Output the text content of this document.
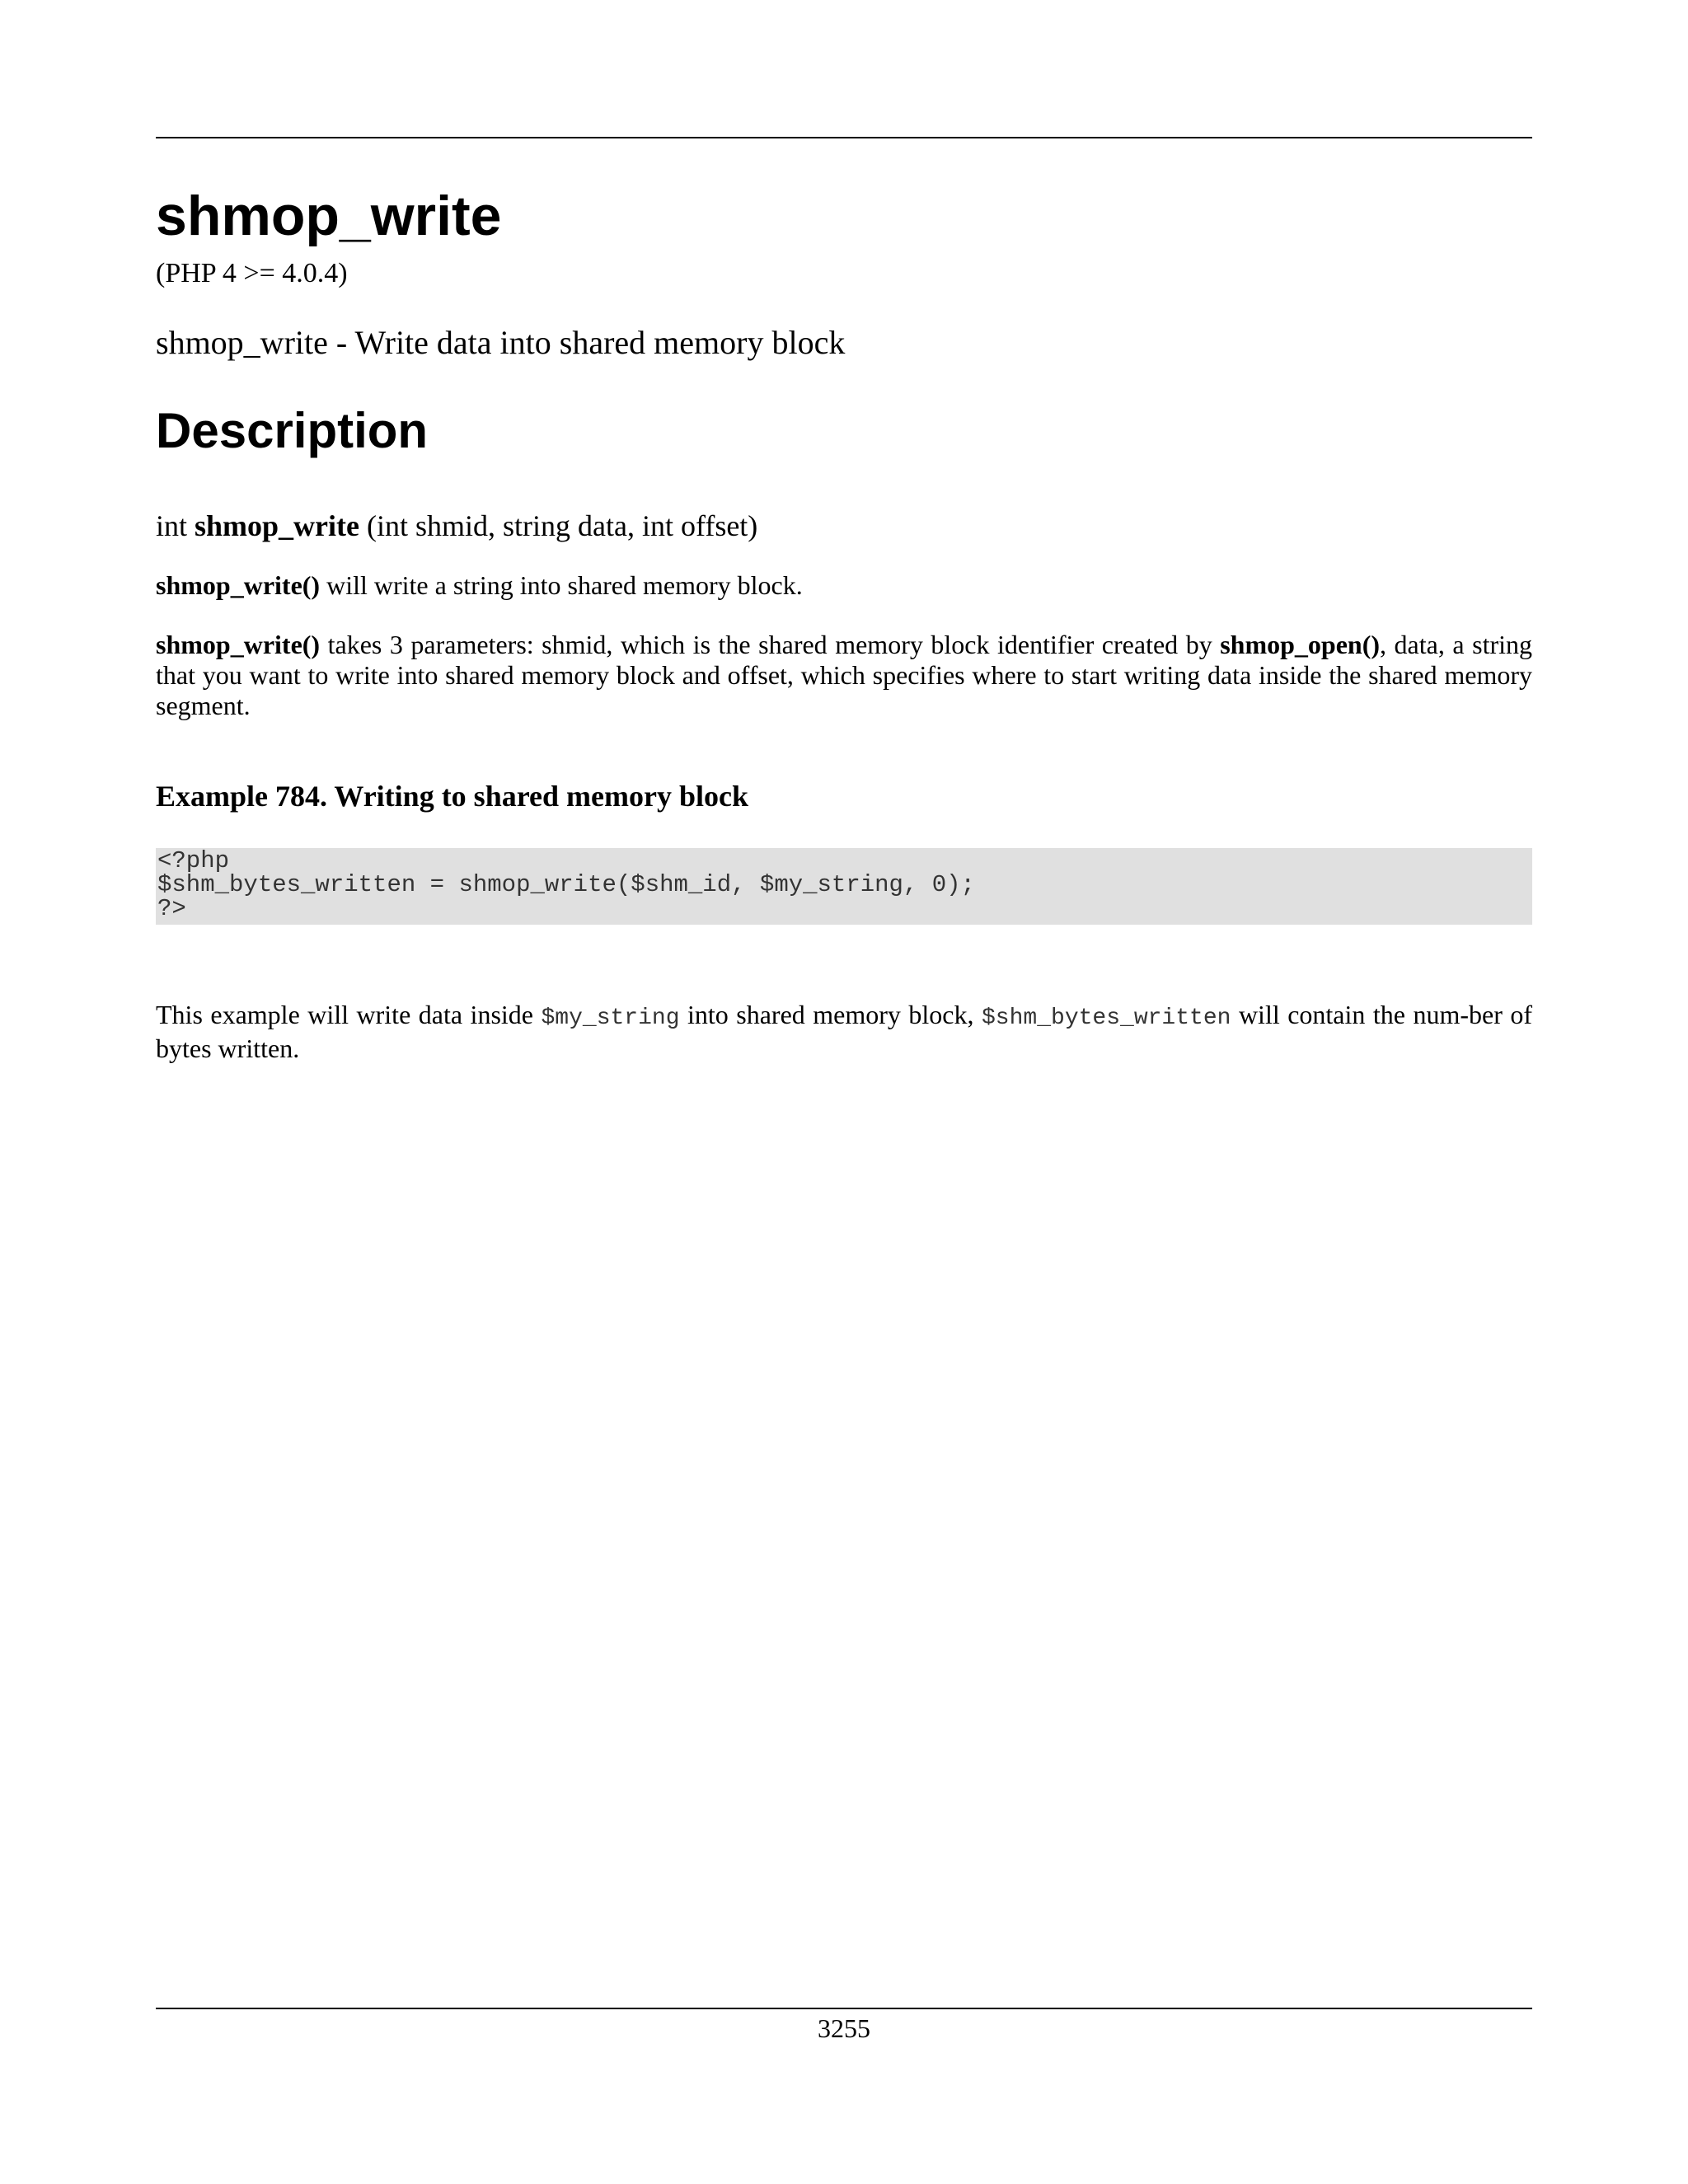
shmop_write
(PHP 4 >= 4.0.4)
shmop_write - Write data into shared memory block
Description
int shmop_write (int shmid, string data, int offset)
shmop_write() will write a string into shared memory block.
shmop_write() takes 3 parameters: shmid, which is the shared memory block identifier created by shmop_open(), data, a string that you want to write into shared memory block and offset, which specifies where to start writing data inside the shared memory segment.
Example 784. Writing to shared memory block
<?php
$shm_bytes_written = shmop_write($shm_id, $my_string, 0);
?>
This example will write data inside $my_string into shared memory block, $shm_bytes_written will contain the num-ber of bytes written.
3255
